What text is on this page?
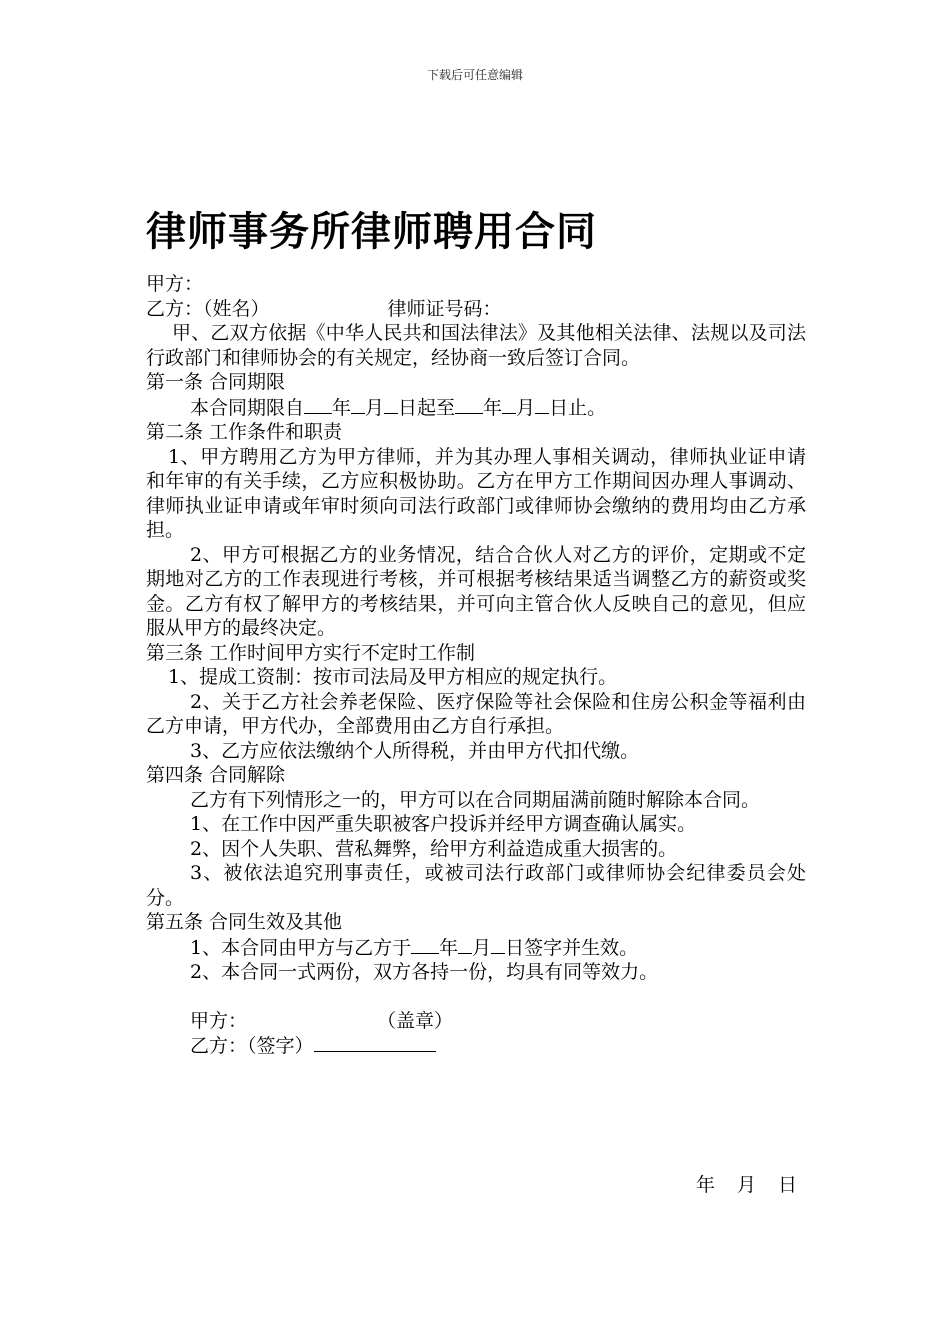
下载后可任意编辑
律师事务所律师聘用合同
甲方：
乙方：（姓名）	律师证号码：
甲、乙双方依据《中华人民共和国法律法》及其他相关法律、法规以及司法行政部门和律师协会的有关规定，经协商一致后签订合同。
第一条 合同期限
本合同期限自 年 月 日起至 年 月 日止。
第二条 工作条件和职责
1、甲方聘用乙方为甲方律师，并为其办理人事相关调动，律师执业证申请和年审的有关手续，乙方应积极协助。乙方在甲方工作期间因办理人事调动、律师执业证申请或年审时须向司法行政部门或律师协会缴纳的费用均由乙方承担。
2、甲方可根据乙方的业务情况，结合合伙人对乙方的评价，定期或不定期地对乙方的工作表现进行考核，并可根据考核结果适当调整乙方的薪资或奖金。乙方有权了解甲方的考核结果，并可向主管合伙人反映自己的意见，但应服从甲方的最终决定。
第三条 工作时间甲方实行不定时工作制
1、提成工资制：按市司法局及甲方相应的规定执行。
2、关于乙方社会养老保险、医疗保险等社会保险和住房公积金等福利由乙方申请，甲方代办，全部费用由乙方自行承担。
3、乙方应依法缴纳个人所得税，并由甲方代扣代缴。
第四条 合同解除
乙方有下列情形之一的，甲方可以在合同期届满前随时解除本合同。
1、在工作中因严重失职被客户投诉并经甲方调查确认属实。
2、因个人失职、营私舞弊，给甲方利益造成重大损害的。
3、被依法追究刑事责任，或被司法行政部门或律师协会纪律委员会处分。
第五条 合同生效及其他
1、本合同由甲方与乙方于 年 月 日签字并生效。
2、本合同一式两份，双方各持一份，均具有同等效力。
甲方：	（盖章）
乙方：（签字）
年 月 日
